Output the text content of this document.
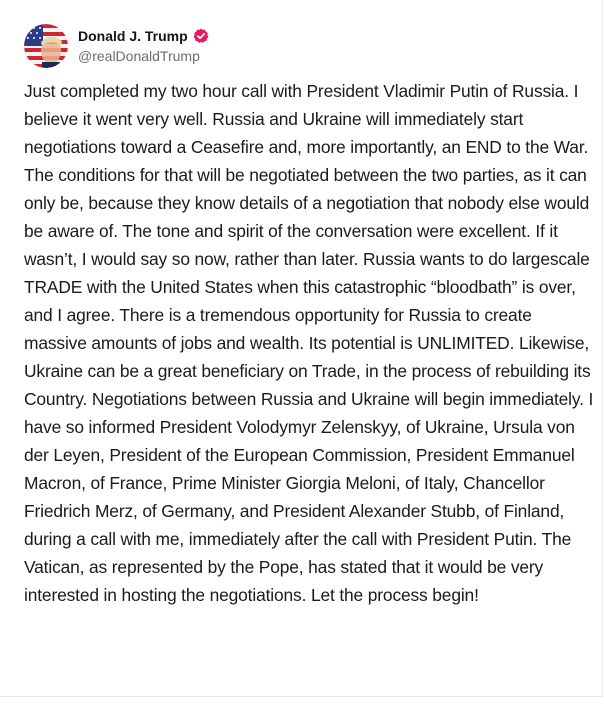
Donald J. Trump
@realDonaldTrump

Just completed my two hour call with President Vladimir Putin of Russia. I believe it went very well. Russia and Ukraine will immediately start negotiations toward a Ceasefire and, more importantly, an END to the War. The conditions for that will be negotiated between the two parties, as it can only be, because they know details of a negotiation that nobody else would be aware of. The tone and spirit of the conversation were excellent. If it wasn’t, I would say so now, rather than later. Russia wants to do largescale TRADE with the United States when this catastrophic “bloodbath” is over, and I agree. There is a tremendous opportunity for Russia to create massive amounts of jobs and wealth. Its potential is UNLIMITED. Likewise, Ukraine can be a great beneficiary on Trade, in the process of rebuilding its Country. Negotiations between Russia and Ukraine will begin immediately. I have so informed President Volodymyr Zelenskyy, of Ukraine, Ursula von der Leyen, President of the European Commission, President Emmanuel Macron, of France, Prime Minister Giorgia Meloni, of Italy, Chancellor Friedrich Merz, of Germany, and President Alexander Stubb, of Finland, during a call with me, immediately after the call with President Putin. The Vatican, as represented by the Pope, has stated that it would be very interested in hosting the negotiations. Let the process begin!
